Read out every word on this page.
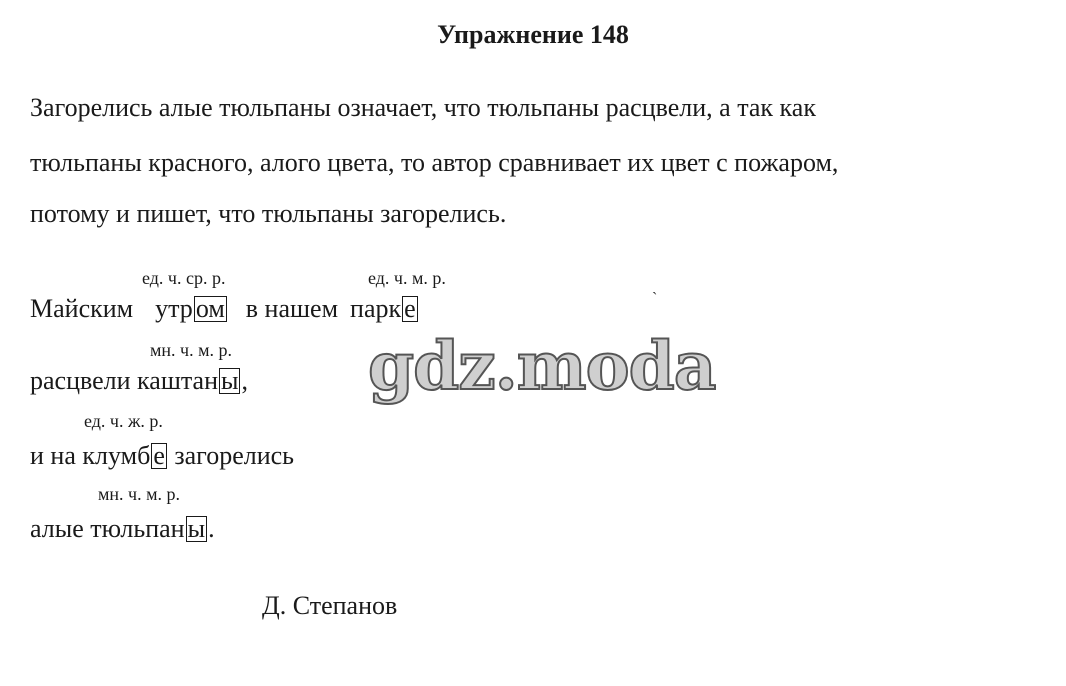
Упражнение 148
Загорелись алые тюльпаны означает, что тюльпаны расцвели, а так как
тюльпаны красного, алого цвета, то автор сравнивает их цвет с пожаром,
потому и пишет, что тюльпаны загорелись.
ед. ч. ср. р.	ед. ч. м. р.
Майским утр ом в нашем парк е
мн. ч. м. р.
расцвели каштан ы ,
ед. ч. ж. р.
и на клумб е загорелись
мн. ч. м. р.
алые тюльпан ы .
Д. Степанов
gdz.moda
`
